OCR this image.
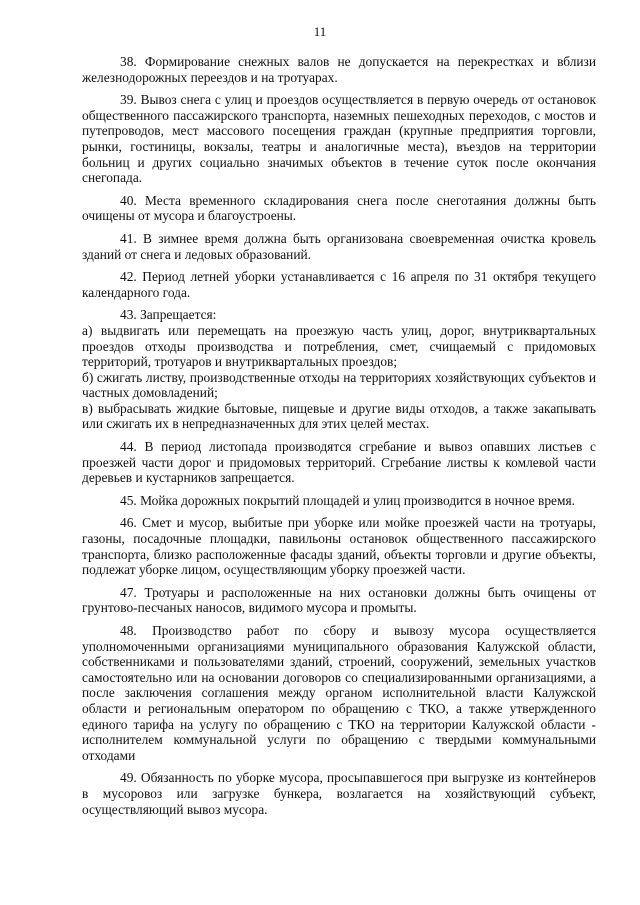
11

38. Формирование снежных валов не допускается на перекрестках и вблизи железнодорожных переездов и на тротуарах.

39. Вывоз снега с улиц и проездов осуществляется в первую очередь от остановок общественного пассажирского транспорта, наземных пешеходных переходов, с мостов и путепроводов, мест массового посещения граждан (крупные предприятия торговли, рынки, гостиницы, вокзалы, театры и аналогичные места), въездов на территории больниц и других социально значимых объектов в течение суток после окончания снегопада.

40. Места временного складирования снега после снеготаяния должны быть очищены от мусора и благоустроены.

41. В зимнее время должна быть организована своевременная очистка кровель зданий от снега и ледовых образований.

42. Период летней уборки устанавливается с 16 апреля по 31 октября текущего календарного года.

43. Запрещается:

а) выдвигать или перемещать на проезжую часть улиц, дорог, внутриквартальных проездов отходы производства и потребления, смет, счищаемый с придомовых территорий, тротуаров и внутриквартальных проездов;

б) сжигать листву, производственные отходы на территориях хозяйствующих субъектов и частных домовладений;

в) выбрасывать жидкие бытовые, пищевые и другие виды отходов, а также закапывать или сжигать их в непредназначенных для этих целей местах.

44. В период листопада производятся сгребание и вывоз опавших листьев с проезжей части дорог и придомовых территорий. Сгребание листвы к комлевой части деревьев и кустарников запрещается.

45. Мойка дорожных покрытий площадей и улиц производится в ночное время.

46. Смет и мусор, выбитые при уборке или мойке проезжей части на тротуары, газоны, посадочные площадки, павильоны остановок общественного пассажирского транспорта, близко расположенные фасады зданий, объекты торговли и другие объекты, подлежат уборке лицом, осуществляющим уборку проезжей части.

47. Тротуары и расположенные на них остановки должны быть очищены от грунтово-песчаных наносов, видимого мусора и промыты.

48. Производство работ по сбору и вывозу мусора осуществляется уполномоченными организациями муниципального образования Калужской области, собственниками и пользователями зданий, строений, сооружений, земельных участков самостоятельно или на основании договоров со специализированными организациями, а после заключения соглашения между органом исполнительной власти Калужской области и региональным оператором по обращению с ТКО, а также утвержденного единого тарифа на услугу по обращению с ТКО на территории Калужской области - исполнителем коммунальной услуги по обращению с твердыми коммунальными отходами

49. Обязанность по уборке мусора, просыпавшегося при выгрузке из контейнеров в мусоровоз или загрузке бункера, возлагается на хозяйствующий субъект, осуществляющий вывоз мусора.
